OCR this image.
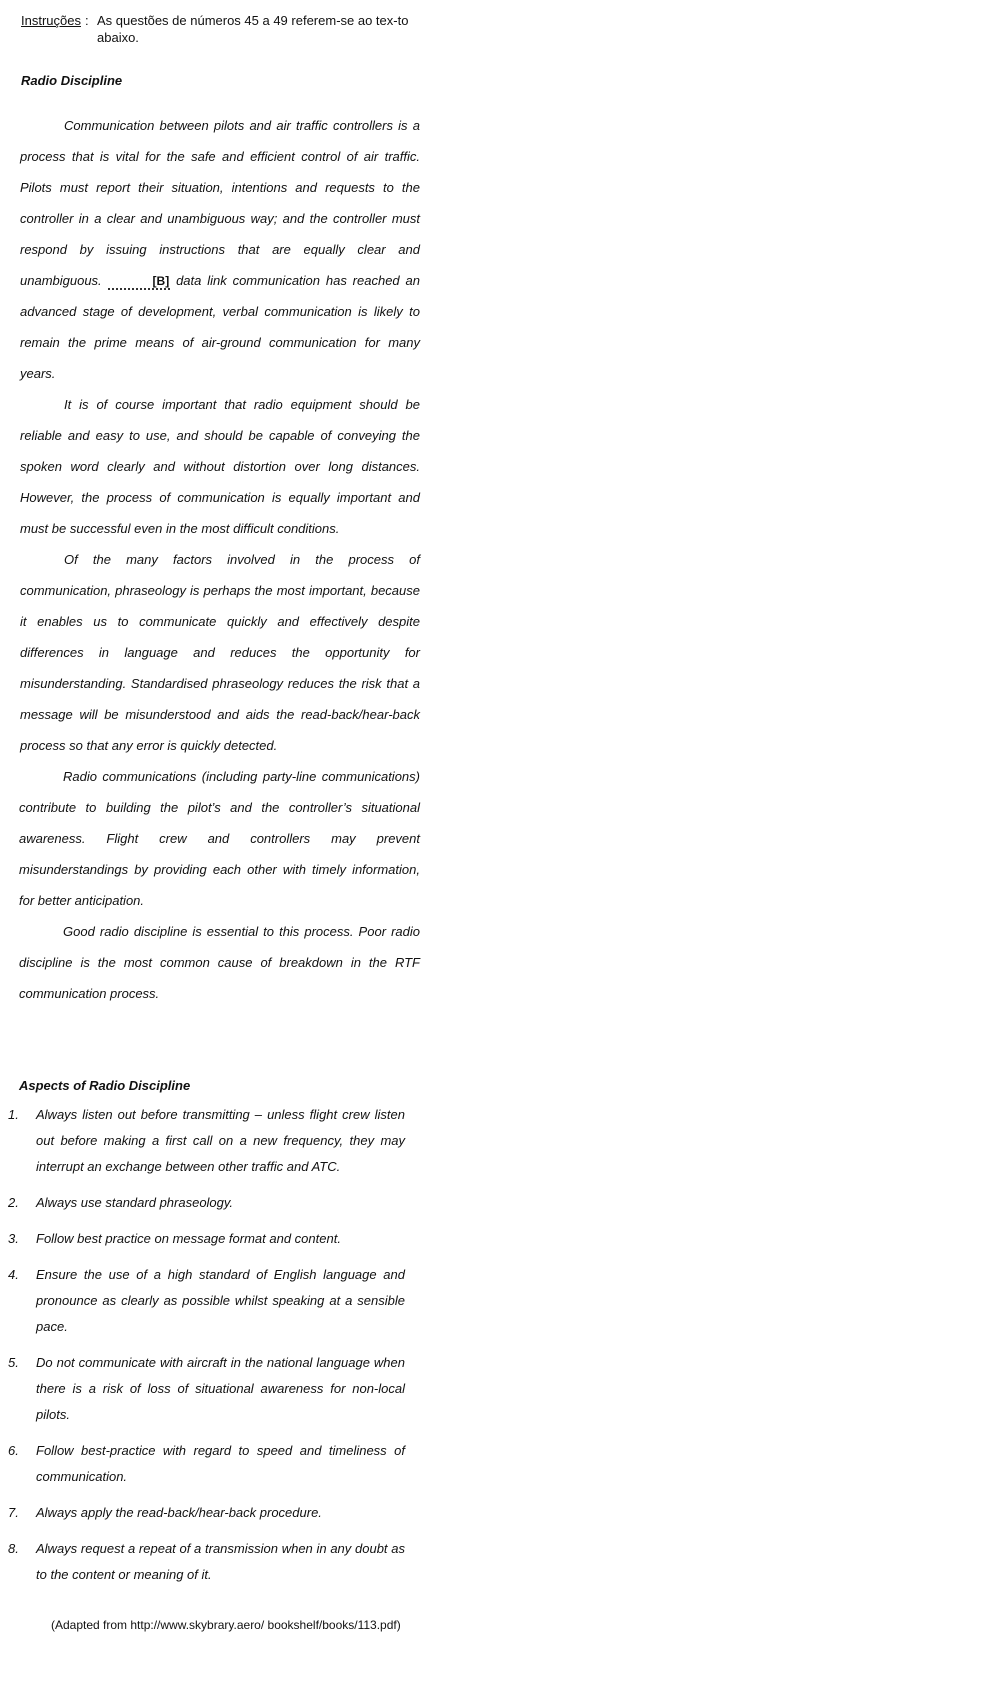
Instruções : As questões de números 45 a 49 referem-se ao tex-to abaixo.
Radio Discipline

Communication between pilots and air traffic controllers is a process that is vital for the safe and efficient control of air traffic. Pilots must report their situation, intentions and requests to the controller in a clear and unambiguous way; and the controller must respond by issuing instructions that are equally clear and unambiguous.	[B] data link communication has reached an advanced stage of development, verbal communication is likely to remain the prime means of air-ground communication for many years.

It is of course important that radio equipment should be reliable and easy to use, and should be capable of conveying the spoken word clearly and without distortion over long distances. However, the process of communication is equally important and must be successful even in the most difficult conditions.

Of the many factors involved in the process of communication, phraseology is perhaps the most important, because it enables us to communicate quickly and effectively despite differences in language and reduces the opportunity for misunderstanding. Standardised phraseology reduces the risk that a message will be misunderstood and aids the read-back/hear-back process so that any error is quickly detected.

Radio communications (including party-line communications) contribute to building the pilot’s and the controller’s situational awareness. Flight crew and controllers may prevent misunderstandings by providing each other with timely information, for better anticipation.

Good radio discipline is essential to this process. Poor radio discipline is the most common cause of breakdown in the RTF communication process.

Aspects of Radio Discipline
1. Always listen out before transmitting – unless flight crew listen out before making a first call on a new frequency, they may interrupt an exchange between other traffic and ATC.
2. Always use standard phraseology.
3. Follow best practice on message format and content.
4. Ensure the use of a high standard of English language and pronounce as clearly as possible whilst speaking at a sensible pace.
5. Do not communicate with aircraft in the national language when there is a risk of loss of situational awareness for non-local pilots.
6. Follow best-practice with regard to speed and timeliness of communication.
7. Always apply the read-back/hear-back procedure.
8. Always request a repeat of a transmission when in any doubt as to the content or meaning of it.
(Adapted from http://www.skybrary.aero/ bookshelf/books/113.pdf)
